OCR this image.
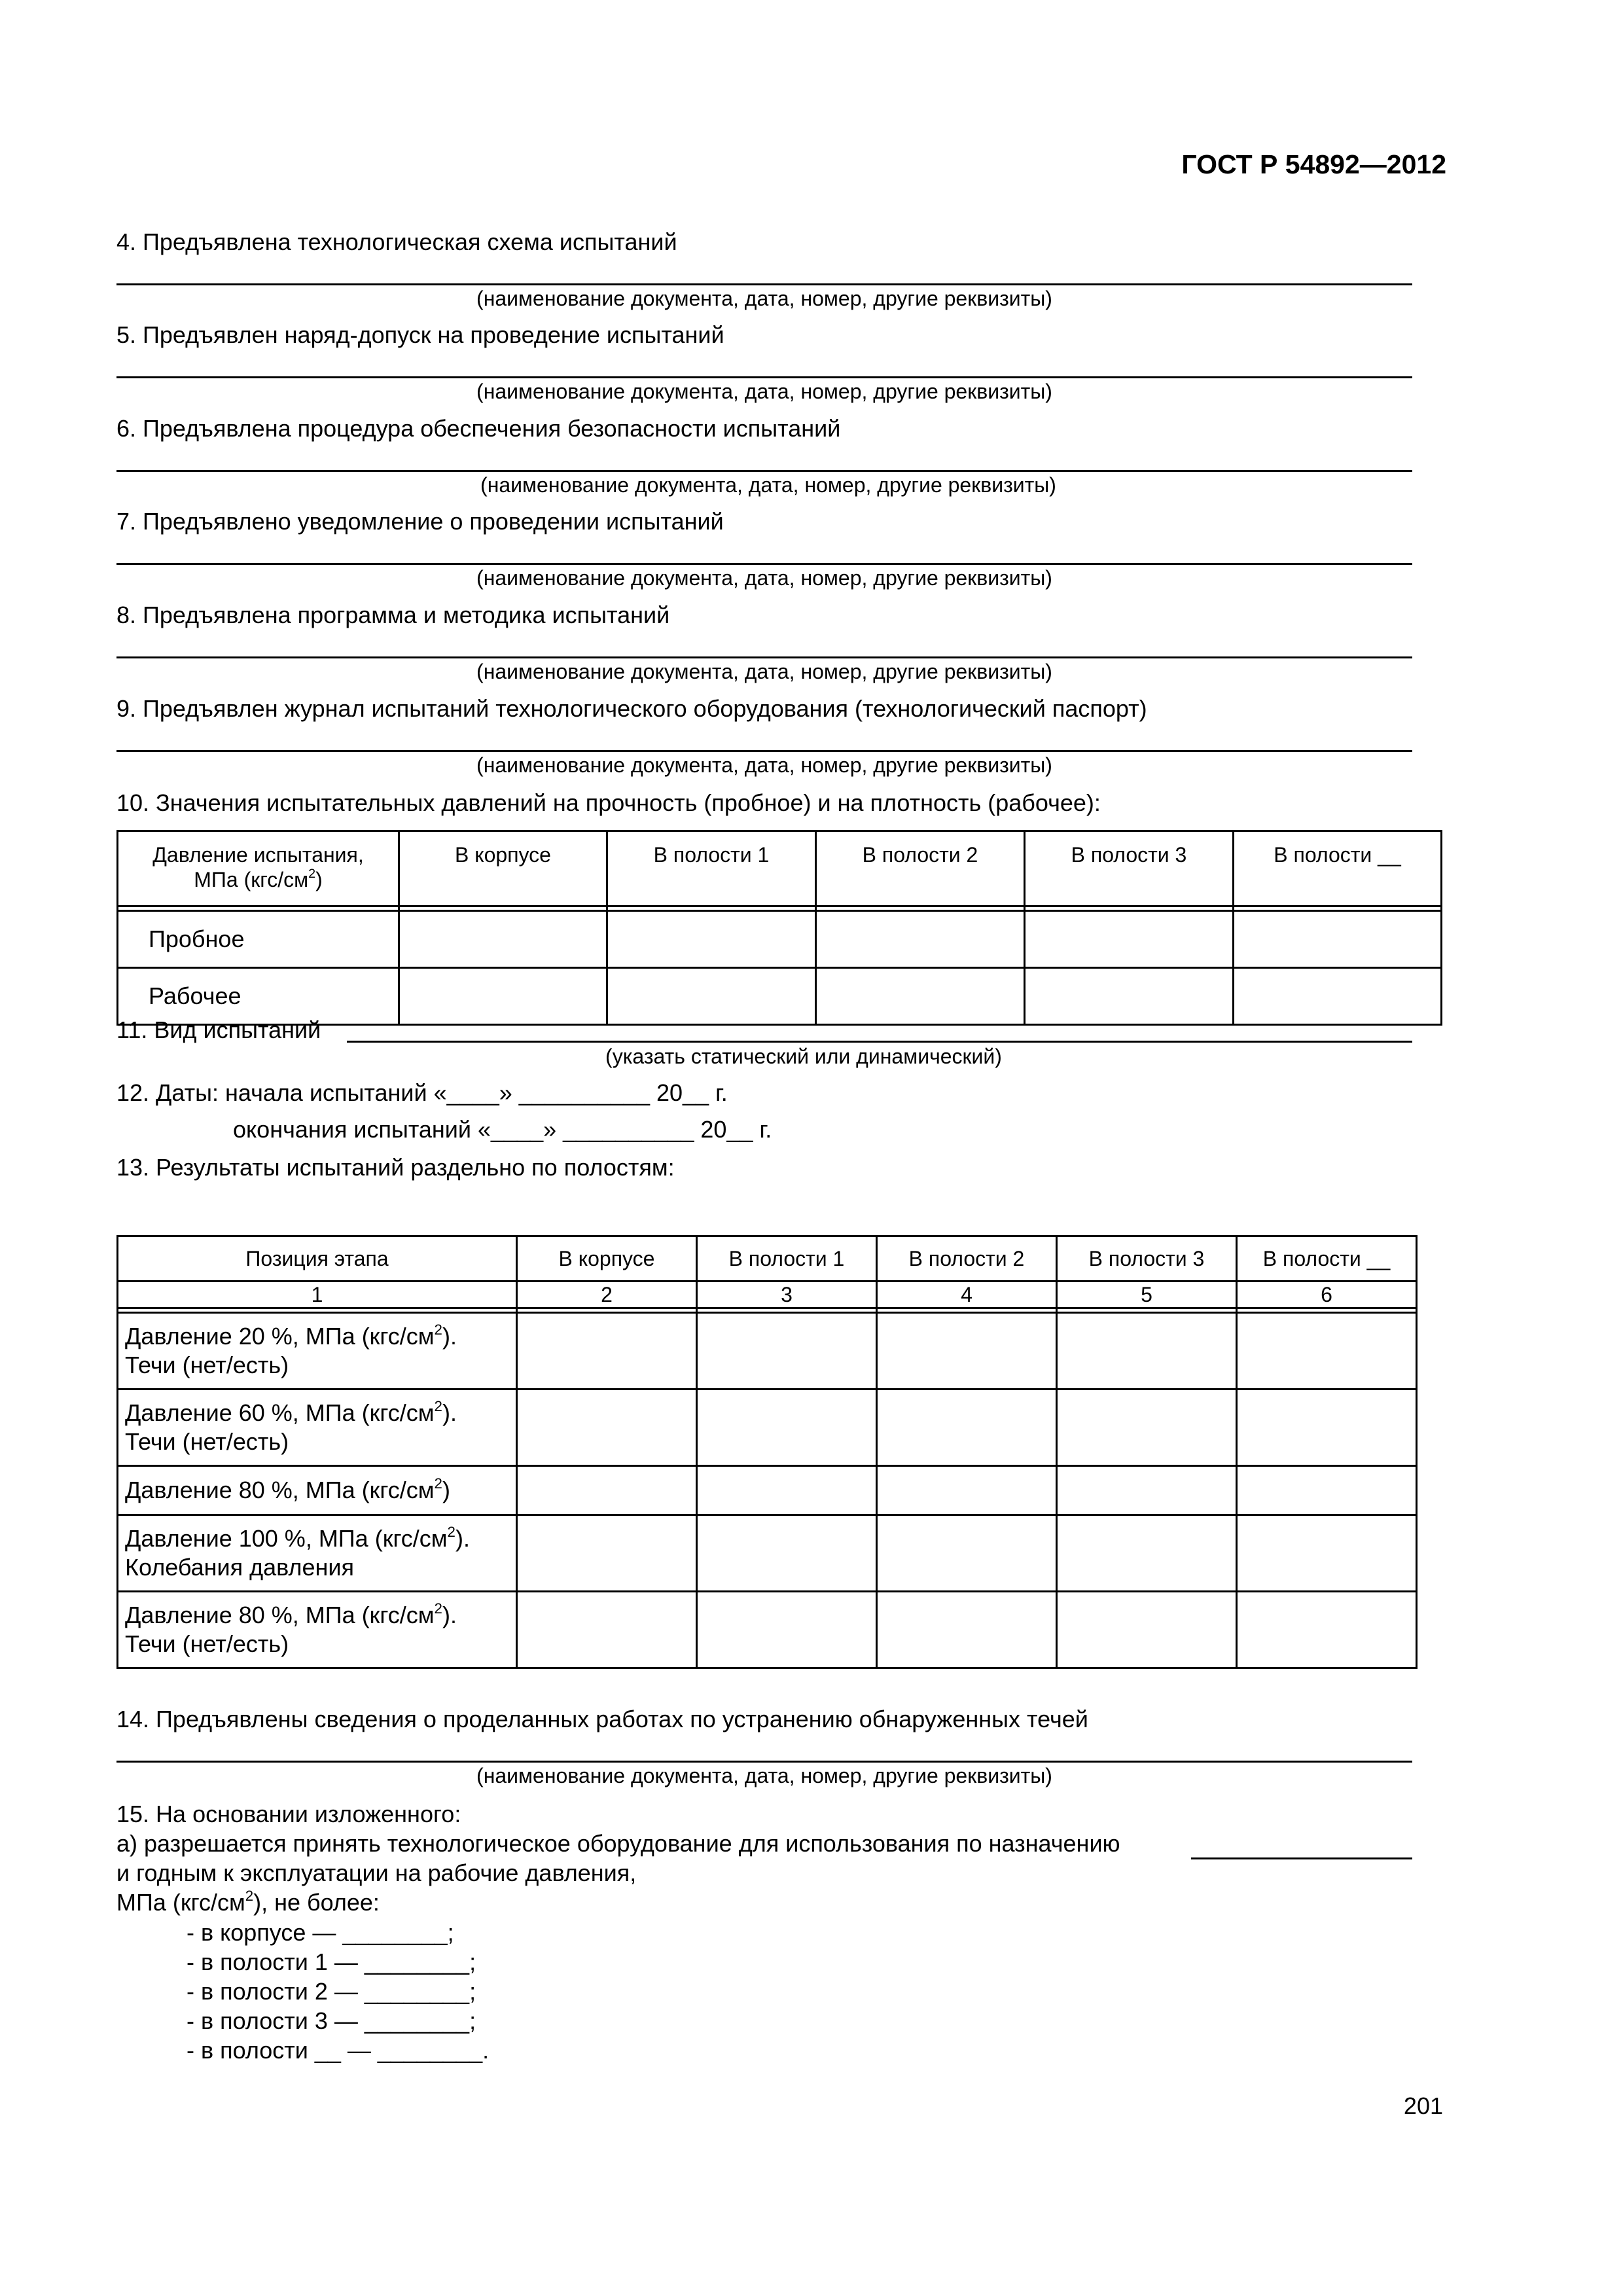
ГОСТ Р 54892—2012
4. Предъявлена технологическая схема испытаний
(наименование документа, дата, номер, другие реквизиты)
5. Предъявлен наряд-допуск на проведение испытаний
(наименование документа, дата, номер, другие реквизиты)
6. Предъявлена процедура обеспечения безопасности испытаний
(наименование документа, дата, номер, другие реквизиты)
7. Предъявлено уведомление о проведении испытаний
(наименование документа, дата, номер, другие реквизиты)
8. Предъявлена программа и методика испытаний
(наименование документа, дата, номер, другие реквизиты)
9. Предъявлен журнал испытаний технологического оборудования (технологический паспорт)
(наименование документа, дата, номер, другие реквизиты)
10. Значения испытательных давлений на прочность (пробное) и на плотность (рабочее):
Давление испытания,
МПа $(кгс/см^2)$	В корпусе	В полости 1	В полости 2	В полости 3	В полости __

Пробное					
Рабочее					
11. Вид испытаний
(указать статический или динамический)
12. Даты: начала испытаний «____» __________ 20__ г.
окончания испытаний «____» __________ 20__ г.
13. Результаты испытаний раздельно по полостям:
Позиция этапа	В корпусе	В полости 1	В полости 2	В полости 3	В полости __
1	2	3	4	5	6

Давление 20 %, МПа $(кгс/см^2)$.
Течи (нет/есть)					
Давление 60 %, МПа $(кгс/см^2)$.
Течи (нет/есть)					
Давление 80 %, МПа $(кгс/см^2)$					
Давление 100 %, МПа $(кгс/см^2)$.
Колебания давления					
Давление 80 %, МПа $(кгс/см^2)$.
Течи (нет/есть)					
14. Предъявлены сведения о проделанных работах по устранению обнаруженных течей
(наименование документа, дата, номер, другие реквизиты)
15. На основании изложенного:
а) разрешается принять технологическое оборудование для использования по назначению
и годным к эксплуатации на рабочие давления,
МПа $(кгс/см^2)$, не более:
- в корпусе — ________;
- в полости 1 — ________;
- в полости 2 — ________;
- в полости 3 — ________;
- в полости __ — ________.
201
